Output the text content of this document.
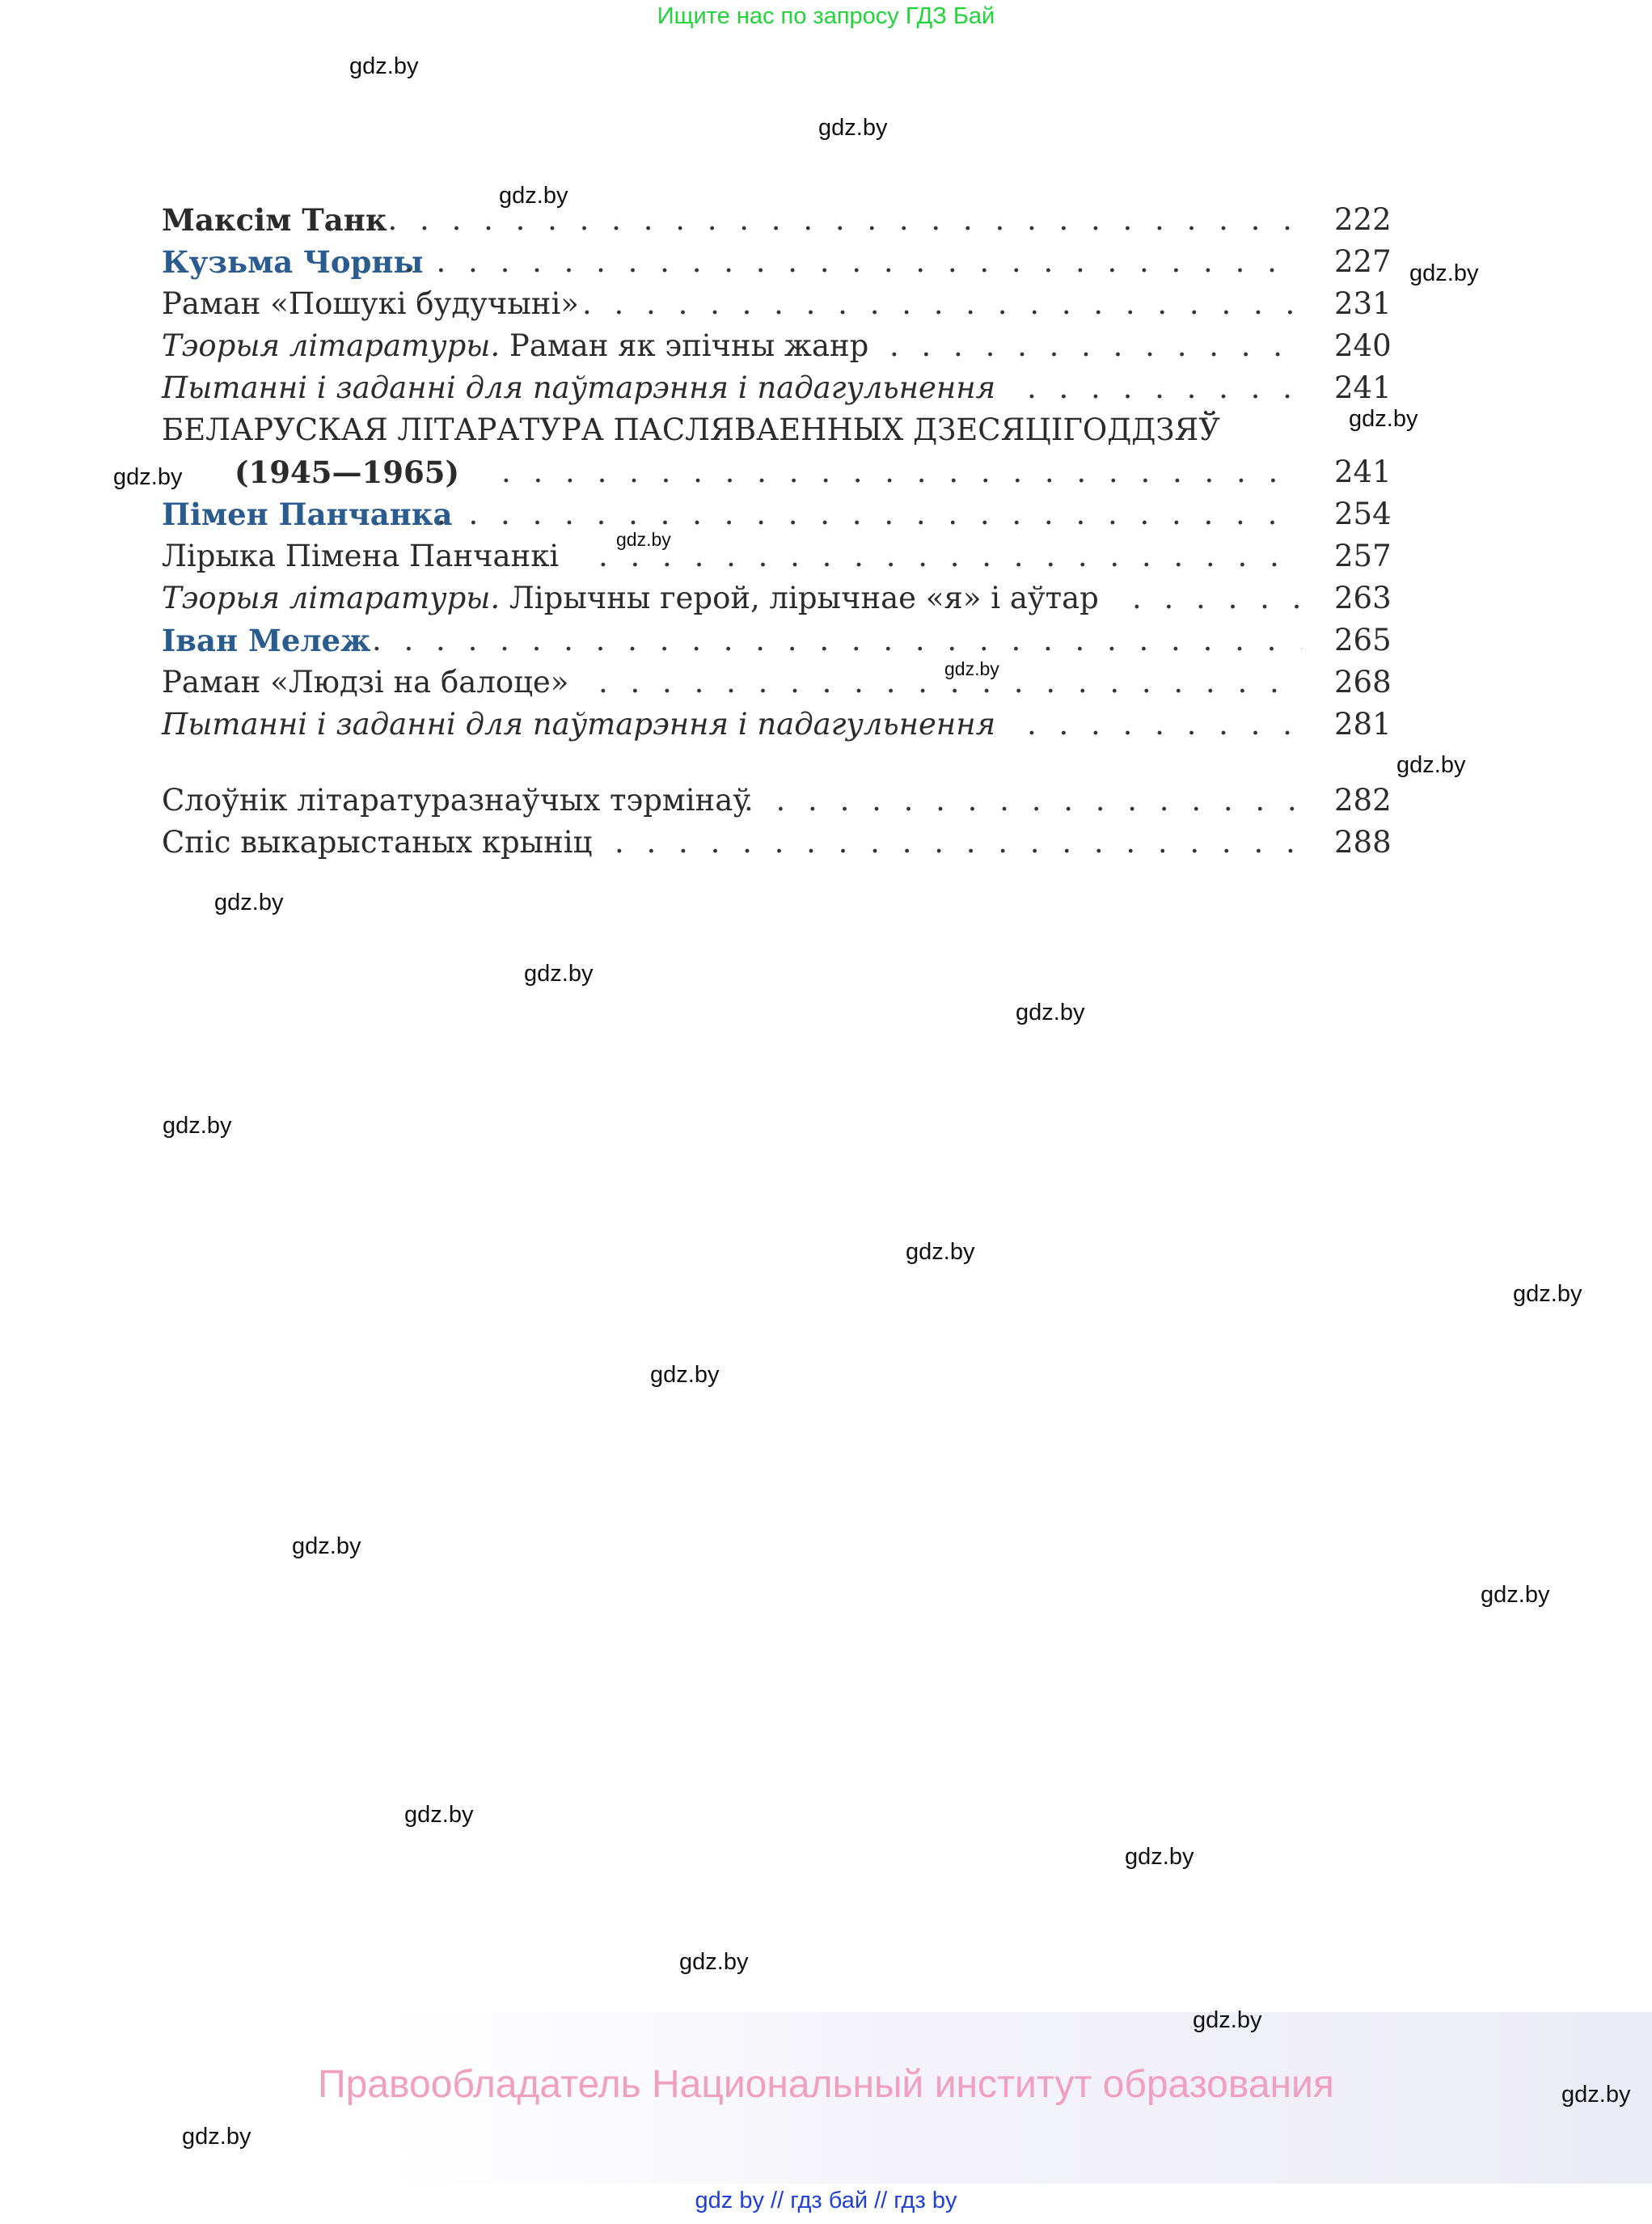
Ищите нас по запросу ГДЗ Бай
Максім Танк . . .	222
Кузьма Чорны . . .	227
Раман «Пошукі будучыні» . . .	231
Тэорыя літаратуры. Раман як эпічны жанр . . .	240
Пытанні і заданні для паўтарэння і падагульнення . . .	241
БЕЛАРУСКАЯ ЛІТАРАТУРА ПАСЛЯВАЕННЫХ ДЗЕСЯЦІГОДДЗЯЎ
(1945—1965) . . .	241
Пімен Панчанка . . .	254
Лірыка Пімена Панчанкі . . .	257
Тэорыя літаратуры. Лірычны герой, лірычнае «я» і аўтар . . .	263
Іван Мележ . . .	265
Раман «Людзі на балоце» . . .	268
Пытанні і заданні для паўтарэння і падагульнення . . .	281
Слоўнік літаратуразнаўчых тэрмінаў . . .	282
Спіс выкарыстаных крыніц . . .	288
gdz.by
gdz.by
gdz.by
gdz.by
gdz.by
gdz.by
gdz.by
gdz.by
gdz.by
gdz.by
gdz.by
gdz.by
gdz.by
gdz.by
gdz.by
gdz.by
gdz.by
gdz.by
gdz.by
gdz.by
gdz.by
gdz.by
Правообладатель Национальный институт образования	gdz.by
gdz.by
gdz by // гдз бай // гдз by
